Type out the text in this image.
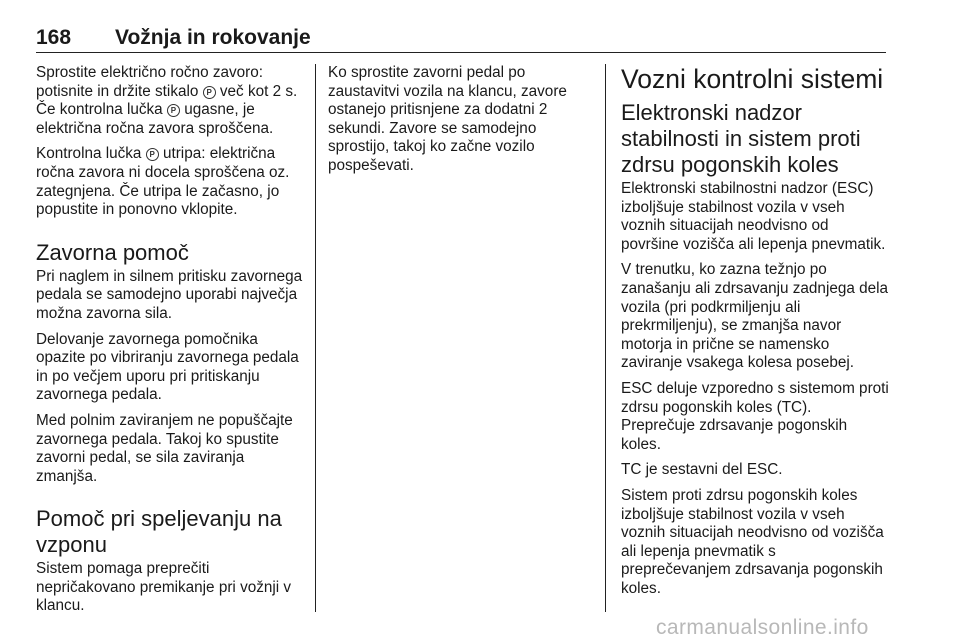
168 Vožnja in rokovanje

Sprostite električno ročno zavoro: potisnite in držite stikalo P več kot 2 s. Če kontrolna lučka P ugasne, je električna ročna zavora sproščena.

Kontrolna lučka P utripa: električna ročna zavora ni docela sproščena oz. zategnjena. Če utripa le začasno, jo popustite in ponovno vklopite.

Zavorna pomoč

Pri naglem in silnem pritisku zavornega pedala se samodejno uporabi največja možna zavorna sila.

Delovanje zavornega pomočnika opazite po vibriranju zavornega pedala in po večjem uporu pri pritiskanju zavornega pedala.

Med polnim zaviranjem ne popuščajte zavornega pedala. Takoj ko spustite zavorni pedal, se sila zaviranja zmanjša.

Pomoč pri speljevanju na vzponu

Sistem pomaga preprečiti nepričakovano premikanje pri vožnji v klancu.

Ko sprostite zavorni pedal po zaustavitvi vozila na klancu, zavore ostanejo pritisnjene za dodatni 2 sekundi. Zavore se samodejno sprostijo, takoj ko začne vozilo pospeševati.

Vozni kontrolni sistemi
Elektronski nadzor stabilnosti in sistem proti zdrsu pogonskih koles

Elektronski stabilnostni nadzor (ESC) izboljšuje stabilnost vozila v vseh voznih situacijah neodvisno od površine vozišča ali lepenja pnevmatik.

V trenutku, ko zazna težnjo po zanašanju ali zdrsavanju zadnjega dela vozila (pri podkrmiljenju ali prekrmiljenju), se zmanjša navor motorja in prične se namensko zaviranje vsakega kolesa posebej.

ESC deluje vzporedno s sistemom proti zdrsu pogonskih koles (TC). Preprečuje zdrsavanje pogonskih koles.

TC je sestavni del ESC.

Sistem proti zdrsu pogonskih koles izboljšuje stabilnost vozila v vseh voznih situacijah neodvisno od vozišča ali lepenja pnevmatik s preprečevanjem zdrsavanja pogonskih koles.

carmanualsonline.info
